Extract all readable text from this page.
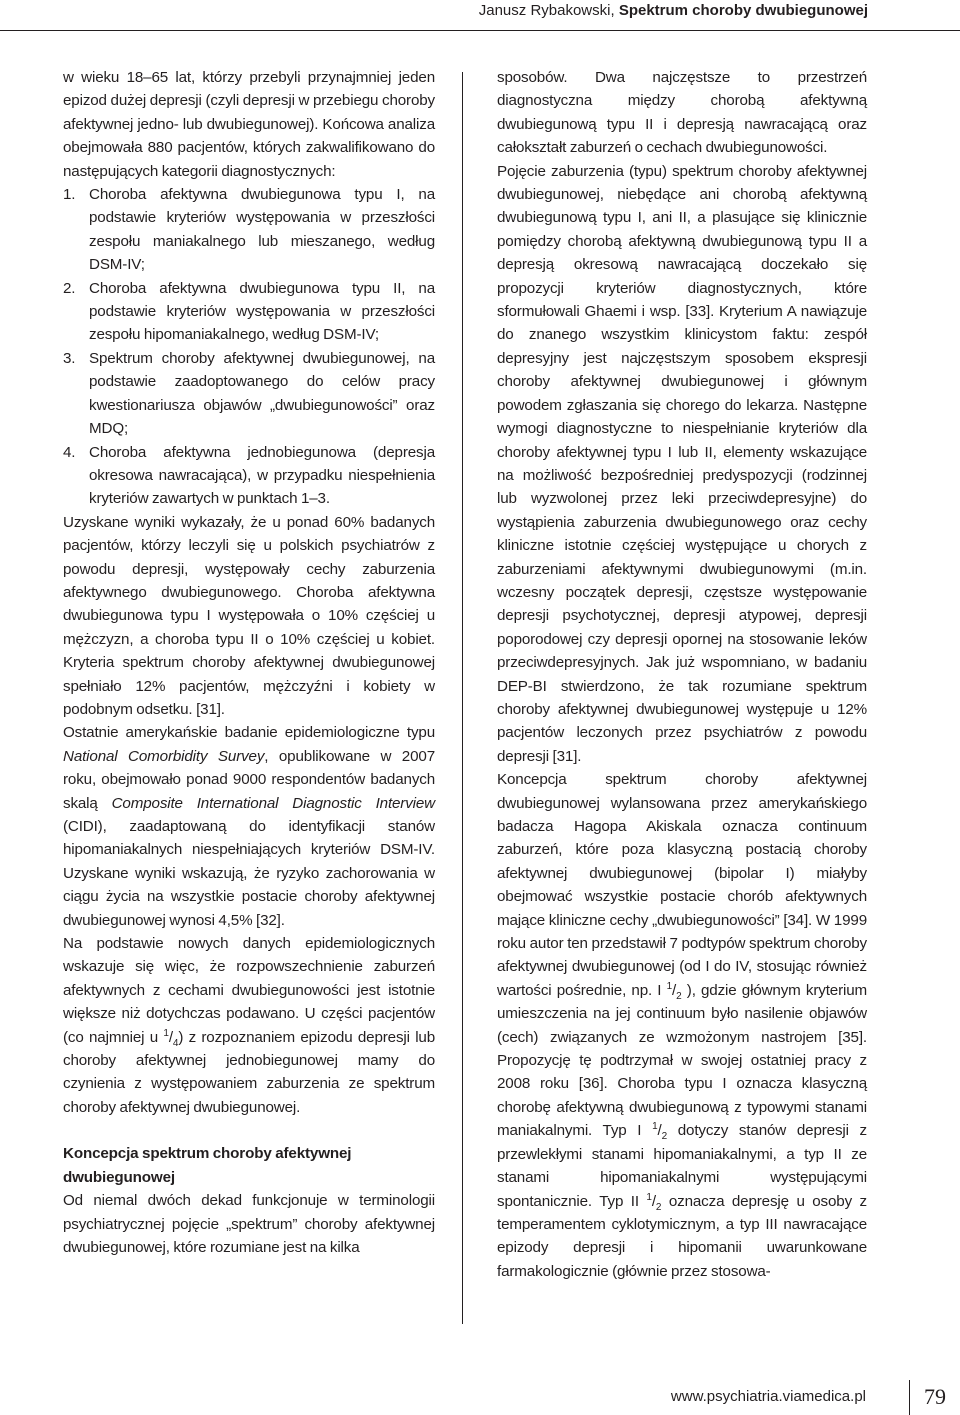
Janusz Rybakowski, Spektrum choroby dwubiegunowej

w wieku 18–65 lat, którzy przebyli przynajmniej jeden epizod dużej depresji (czyli depresji w przebiegu choroby afektywnej jedno- lub dwubiegunowej). Końcowa analiza obejmowała 880 pacjentów, których zakwalifikowano do następujących kategorii diagnostycznych:

1. Choroba afektywna dwubiegunowa typu I, na podstawie kryteriów występowania w przeszłości zespołu maniakalnego lub mieszanego, według DSM-IV;
2. Choroba afektywna dwubiegunowa typu II, na podstawie kryteriów występowania w przeszłości zespołu hipomaniakalnego, według DSM-IV;
3. Spektrum choroby afektywnej dwubiegunowej, na podstawie zaadoptowanego do celów pracy kwestionariusza objawów „dwubiegunowości” oraz MDQ;
4. Choroba afektywna jednobiegunowa (depresja okresowa nawracająca), w przypadku niespełnienia kryteriów zawartych w punktach 1–3.

Uzyskane wyniki wykazały, że u ponad 60% badanych pacjentów, którzy leczyli się u polskich psychiatrów z powodu depresji, występowały cechy zaburzenia afektywnego dwubiegunowego. Choroba afektywna dwubiegunowa typu I występowała o 10% częściej u mężczyzn, a choroba typu II o 10% częściej u kobiet. Kryteria spektrum choroby afektywnej dwubiegunowej spełniało 12% pacjentów, mężczyźni i kobiety w podobnym odsetku. [31].

Ostatnie amerykańskie badanie epidemiologiczne typu National Comorbidity Survey, opublikowane w 2007 roku, obejmowało ponad 9000 respondentów badanych skalą Composite International Diagnostic Interview (CIDI), zaadaptowaną do identyfikacji stanów hipomaniakalnych niespełniających kryteriów DSM-IV. Uzyskane wyniki wskazują, że ryzyko zachorowania w ciągu życia na wszystkie postacie choroby afektywnej dwubiegunowej wynosi 4,5% [32].

Na podstawie nowych danych epidemiologicznych wskazuje się więc, że rozpowszechnienie zaburzeń afektywnych z cechami dwubiegunowości jest istotnie większe niż dotychczas podawano. U części pacjentów (co najmniej u $^1/_4$) z rozpoznaniem epizodu depresji lub choroby afektywnej jednobiegunowej mamy do czynienia z występowaniem zaburzenia ze spektrum choroby afektywnej dwubiegunowej.

Koncepcja spektrum choroby afektywnej dwubiegunowej

Od niemal dwóch dekad funkcjonuje w terminologii psychiatrycznej pojęcie „spektrum” choroby afektywnej dwubiegunowej, które rozumiane jest na kilka

sposobów. Dwa najczęstsze to przestrzeń diagnostyczna między chorobą afektywną dwubiegunową typu II i depresją nawracającą oraz całokształt zaburzeń o cechach dwubiegunowości.

Pojęcie zaburzenia (typu) spektrum choroby afektywnej dwubiegunowej, niebędące ani chorobą afektywną dwubiegunową typu I, ani II, a plasujące się klinicznie pomiędzy chorobą afektywną dwubiegunową typu II a depresją okresową nawracającą doczekało się propozycji kryteriów diagnostycznych, które sformułowali Ghaemi i wsp. [33]. Kryterium A nawiązuje do znanego wszystkim klinicystom faktu: zespół depresyjny jest najczęstszym sposobem ekspresji choroby afektywnej dwubiegunowej i głównym powodem zgłaszania się chorego do lekarza. Następne wymogi diagnostyczne to niespełnianie kryteriów dla choroby afektywnej typu I lub II, elementy wskazujące na możliwość bezpośredniej predyspozycji (rodzinnej lub wyzwolonej przez leki przeciwdepresyjne) do wystąpienia zaburzenia dwubiegunowego oraz cechy kliniczne istotnie częściej występujące u chorych z zaburzeniami afektywnymi dwubiegunowymi (m.in. wczesny początek depresji, częstsze występowanie depresji psychotycznej, depresji atypowej, depresji poporodowej czy depresji opornej na stosowanie leków przeciwdepresyjnych. Jak już wspomniano, w badaniu DEP-BI stwierdzono, że tak rozumiane spektrum choroby afektywnej dwubiegunowej występuje u 12% pacjentów leczonych przez psychiatrów z powodu depresji [31].

Koncepcja spektrum choroby afektywnej dwubiegunowej wylansowana przez amerykańskiego badacza Hagopa Akiskala oznacza continuum zaburzeń, które poza klasyczną postacią choroby afektywnej dwubiegunowej (bipolar I) miałyby obejmować wszystkie postacie chorób afektywnych mające kliniczne cechy „dwubiegunowości” [34]. W 1999 roku autor ten przedstawił 7 podtypów spektrum choroby afektywnej dwubiegunowej (od I do IV, stosując również wartości pośrednie, np. I $^1/_2$ ), gdzie głównym kryterium umieszczenia na jej continuum było nasilenie objawów (cech) związanych ze wzmożonym nastrojem [35]. Propozycję tę podtrzymał w swojej ostatniej pracy z 2008 roku [36]. Choroba typu I oznacza klasyczną chorobę afektywną dwubiegunową z typowymi stanami maniakalnymi. Typ I $^1/_2$ dotyczy stanów depresji z przewlekłymi stanami hipomaniakalnymi, a typ II ze stanami hipomaniakalnymi występującymi spontanicznie. Typ II $^1/_2$ oznacza depresję u osoby z temperamentem cyklotymicznym, a typ III nawracające epizody depresji i hipomanii uwarunkowane farmakologicznie (głównie przez stosowa-

www.psychiatria.viamedica.pl	79
